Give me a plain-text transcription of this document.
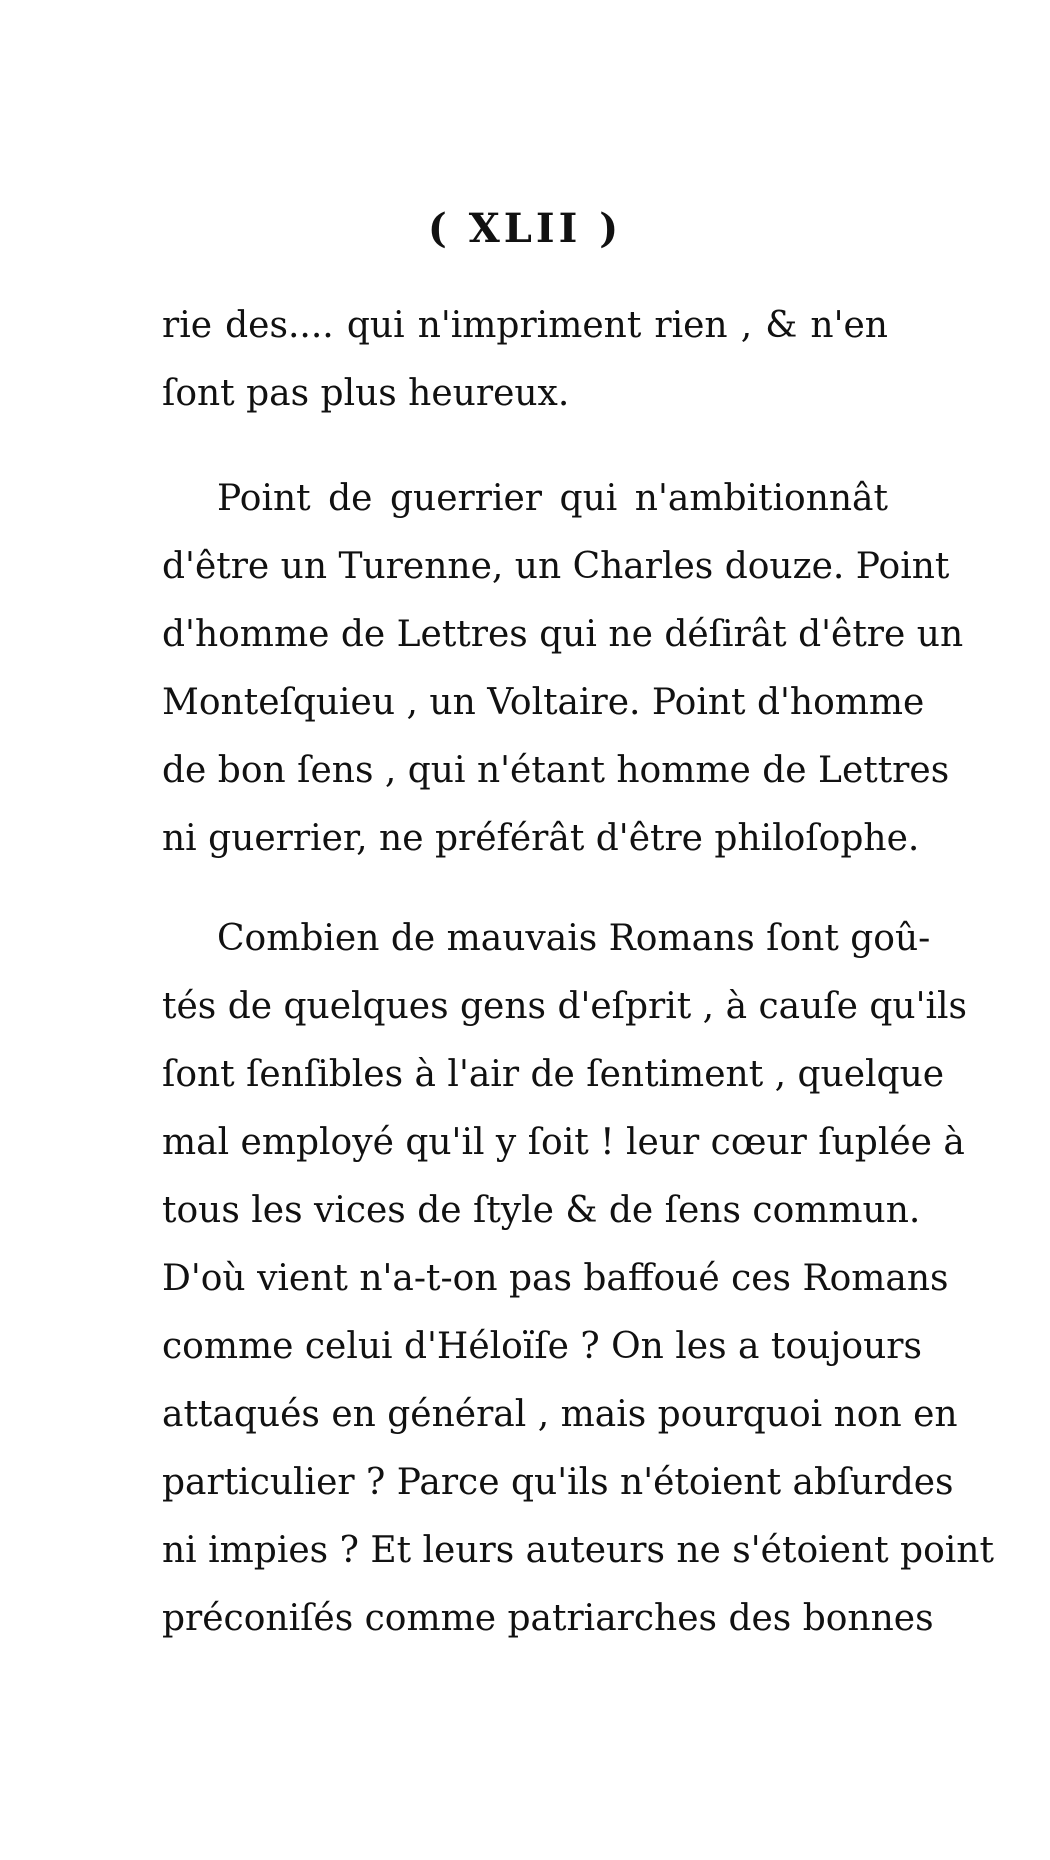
( XLII )
rie des.... qui n'impriment rien , & n'en
ſont pas plus heureux.
Point de guerrier qui n'ambitionnât
d'être un Turenne, un Charles douze. Point
d'homme de Lettres qui ne déſirât d'être un
Monteſquieu , un Voltaire. Point d'homme
de bon ſens , qui n'étant homme de Lettres
ni guerrier, ne préférât d'être philoſophe.
Combien de mauvais Romans ſont goû-
tés de quelques gens d'eſprit , à cauſe qu'ils
ſont ſenſibles à l'air de ſentiment , quelque
mal employé qu'il y ſoit ! leur cœur ſuplée à
tous les vices de ſtyle & de ſens commun.
D'où vient n'a-t-on pas baffoué ces Romans
comme celui d'Héloïſe ? On les a toujours
attaqués en général , mais pourquoi non en
particulier ? Parce qu'ils n'étoient abſurdes
ni impies ? Et leurs auteurs ne s'étoient point
préconiſés comme patriarches des bonnes
